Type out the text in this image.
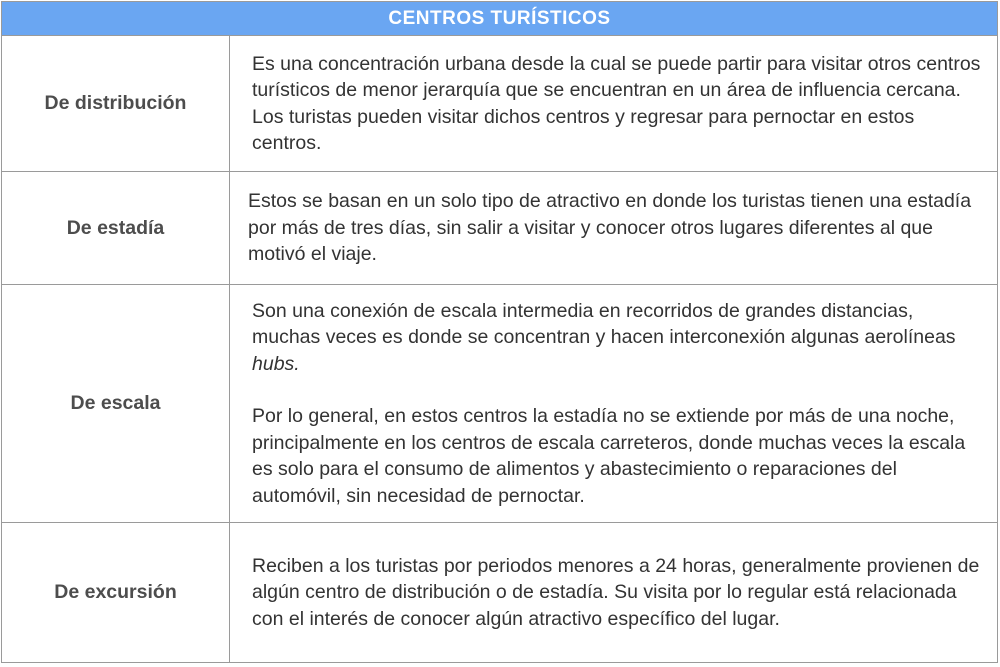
CENTROS TURÍSTICOS
De distribución

Es una concentración urbana desde la cual se puede partir para visitar otros centros turísticos de menor jerarquía que se encuentran en un área de influencia cercana. Los turistas pueden visitar dichos centros y regresar para pernoctar en estos centros.

De estadía

Estos se basan en un solo tipo de atractivo en donde los turistas tienen una estadía por más de tres días, sin salir a visitar y conocer otros lugares diferentes al que motivó el viaje.

De escala

Son una conexión de escala intermedia en recorridos de grandes distancias, muchas veces es donde se concentran y hacen interconexión algunas aerolíneas hubs.

Por lo general, en estos centros la estadía no se extiende por más de una noche, principalmente en los centros de escala carreteros, donde muchas veces la escala es solo para el consumo de alimentos y abastecimiento o reparaciones del automóvil, sin necesidad de pernoctar.

De excursión

Reciben a los turistas por periodos menores a 24 horas, generalmente provienen de algún centro de distribución o de estadía. Su visita por lo regular está relacionada con el interés de conocer algún atractivo específico del lugar.
